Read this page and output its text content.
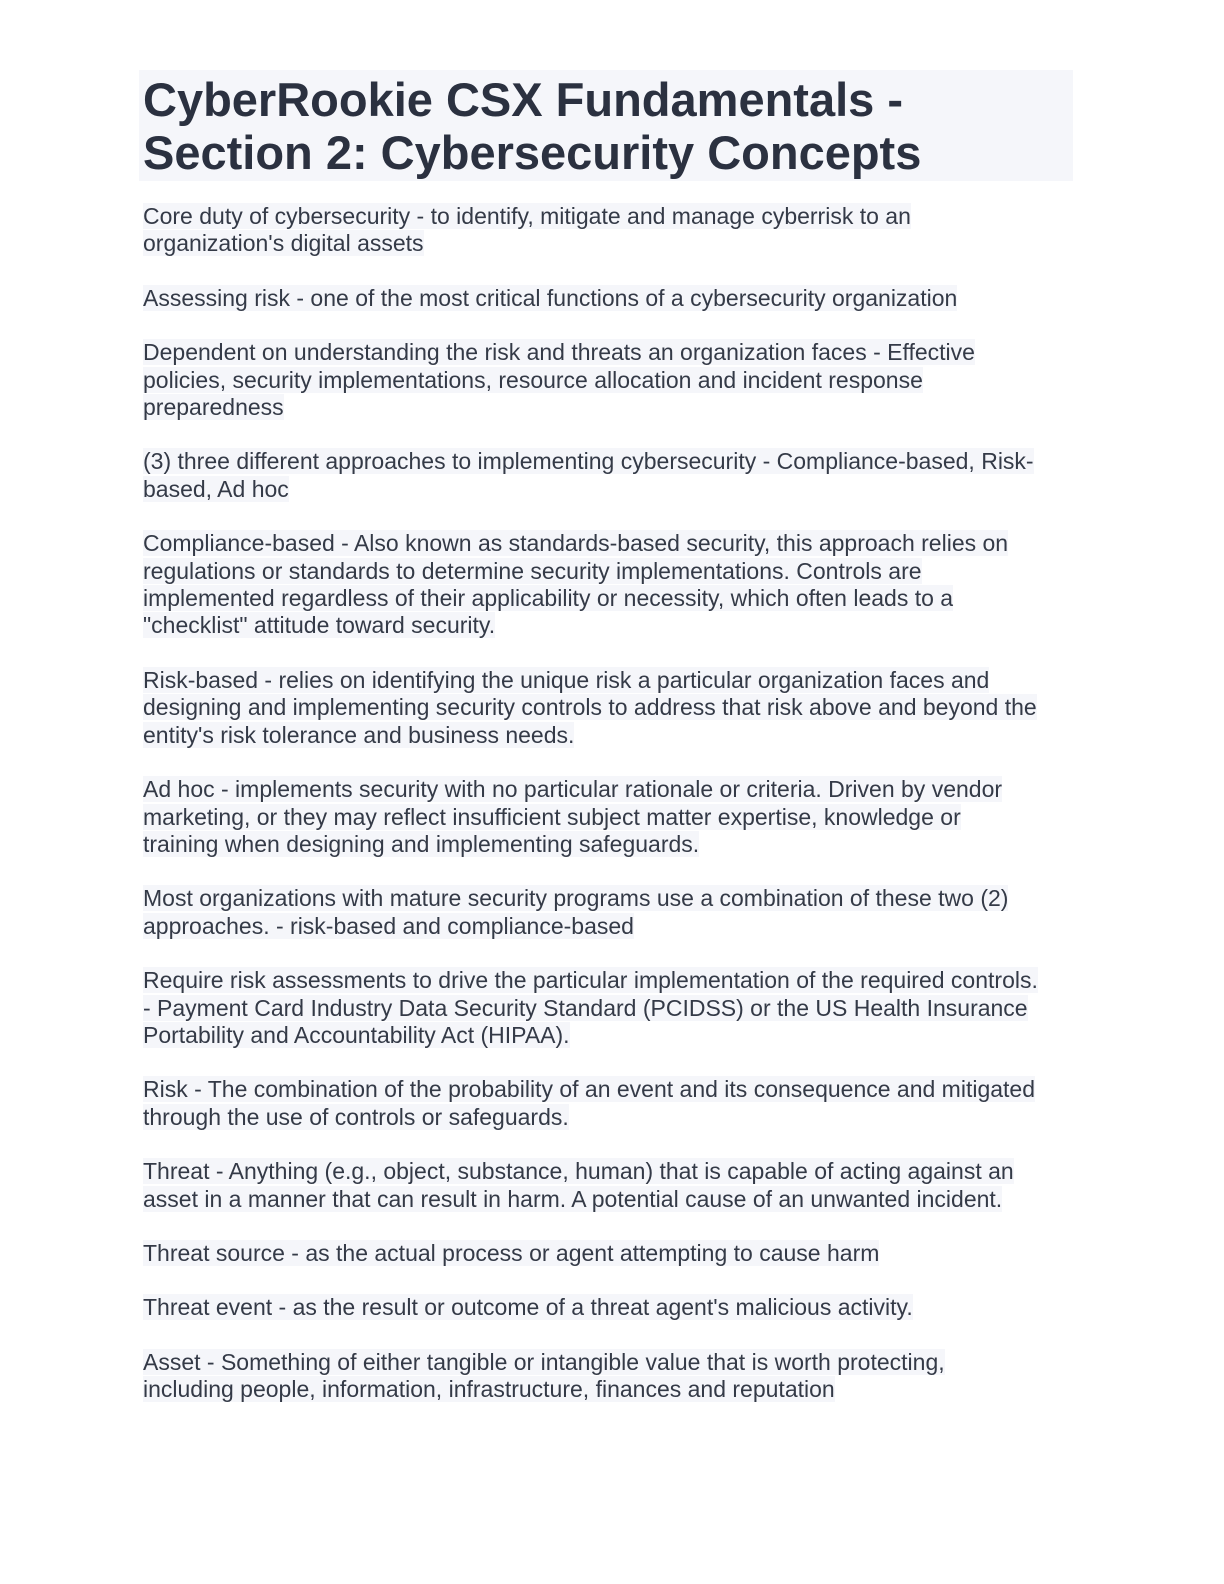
CyberRookie CSX Fundamentals -
Section 2: Cybersecurity Concepts
Core duty of cybersecurity - to identify, mitigate and manage cyberrisk to an
organization's digital assets
Assessing risk - one of the most critical functions of a cybersecurity organization
Dependent on understanding the risk and threats an organization faces - Effective
policies, security implementations, resource allocation and incident response
preparedness
(3) three different approaches to implementing cybersecurity - Compliance-based, Risk-
based, Ad hoc
Compliance-based - Also known as standards-based security, this approach relies on
regulations or standards to determine security implementations. Controls are
implemented regardless of their applicability or necessity, which often leads to a
"checklist" attitude toward security.
Risk-based - relies on identifying the unique risk a particular organization faces and
designing and implementing security controls to address that risk above and beyond the
entity's risk tolerance and business needs.
Ad hoc - implements security with no particular rationale or criteria. Driven by vendor
marketing, or they may reflect insufficient subject matter expertise, knowledge or
training when designing and implementing safeguards.
Most organizations with mature security programs use a combination of these two (2)
approaches. - risk-based and compliance-based
Require risk assessments to drive the particular implementation of the required controls.
- Payment Card Industry Data Security Standard (PCIDSS) or the US Health Insurance
Portability and Accountability Act (HIPAA).
Risk - The combination of the probability of an event and its consequence and mitigated
through the use of controls or safeguards.
Threat - Anything (e.g., object, substance, human) that is capable of acting against an
asset in a manner that can result in harm. A potential cause of an unwanted incident.
Threat source - as the actual process or agent attempting to cause harm
Threat event - as the result or outcome of a threat agent's malicious activity.
Asset - Something of either tangible or intangible value that is worth protecting,
including people, information, infrastructure, finances and reputation
